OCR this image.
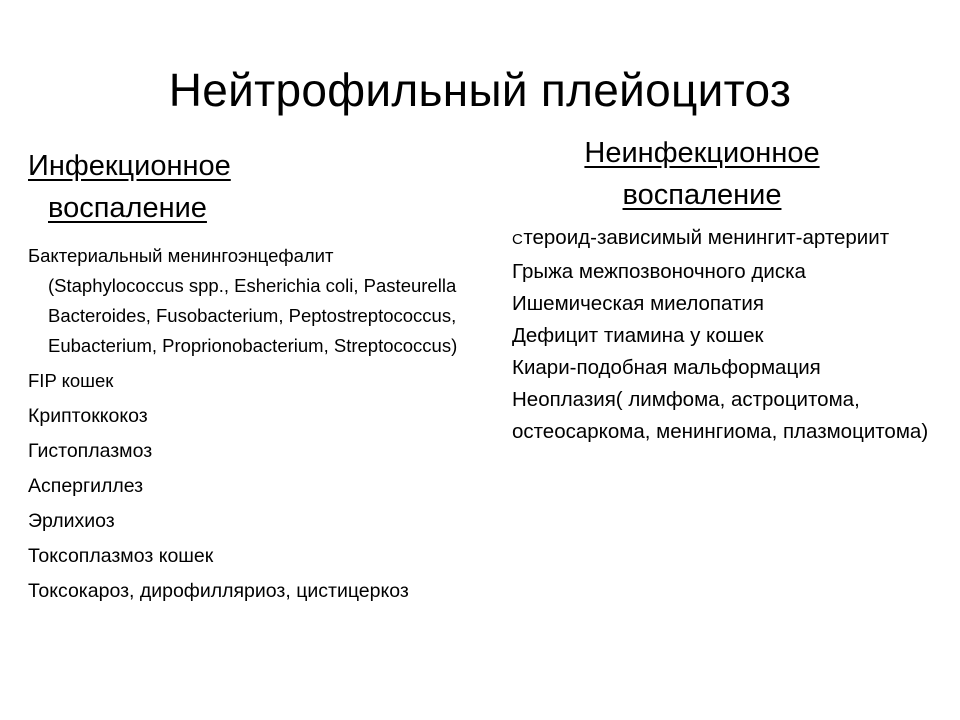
Нейтрофильный плейоцитоз
Инфекционное
воспаление
Бактериальный менингоэнцефалит (Staphylococcus spp., Esherichia coli, Pasteurella Bacteroides, Fusobacterium, Peptostreptococcus, Eubacterium, Proprionobacterium, Streptococcus)
FIP кошек
Криптоккокоз
Гистоплазмоз
Аспергиллез
Эрлихиоз
Токсоплазмоз кошек
Токсокароз, дирофилляриоз, цистицеркоз
Неинфекционное
воспаление
Стероид-зависимый менингит-артериит
Грыжа межпозвоночного диска
Ишемическая миелопатия
Дефицит тиамина у кошек
Киари-подобная мальформация
Неоплазия( лимфома, астроцитома, остеосаркома, менингиома, плазмоцитома)
